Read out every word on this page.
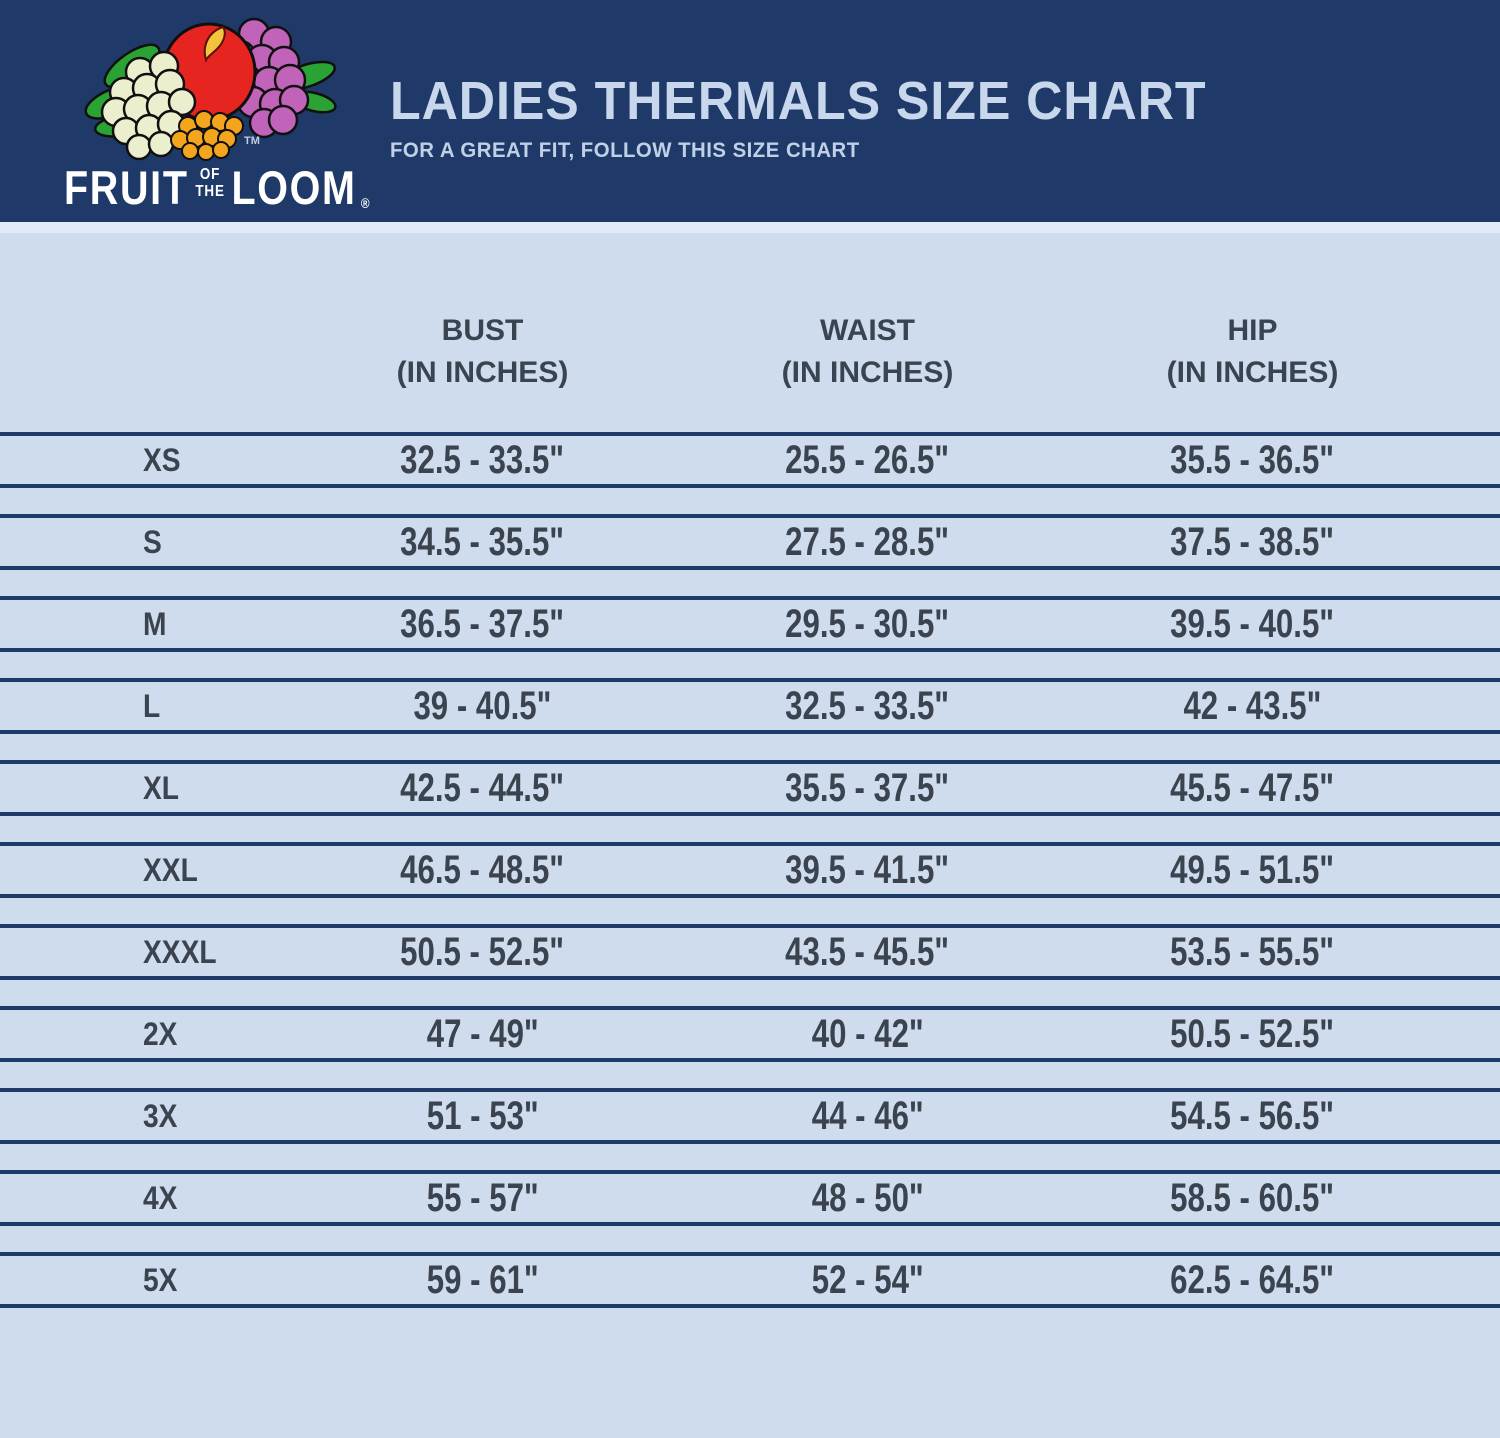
TM
FRUIT OF
THE LOOM ®
LADIES THERMALS SIZE CHART
FOR A GREAT FIT, FOLLOW THIS SIZE CHART
BUST
(IN INCHES)
WAIST
(IN INCHES)
HIP
(IN INCHES)
XS	32.5 - 33.5"	25.5 - 26.5"	35.5 - 36.5"
S	34.5 - 35.5"	27.5 - 28.5"	37.5 - 38.5"
M	36.5 - 37.5"	29.5 - 30.5"	39.5 - 40.5"
L	39 - 40.5"	32.5 - 33.5"	42 - 43.5"
XL	42.5 - 44.5"	35.5 - 37.5"	45.5 - 47.5"
XXL	46.5 - 48.5"	39.5 - 41.5"	49.5 - 51.5"
XXXL	50.5 - 52.5"	43.5 - 45.5"	53.5 - 55.5"
2X	47 - 49"	40 - 42"	50.5 - 52.5"
3X	51 - 53"	44 - 46"	54.5 - 56.5"
4X	55 - 57"	48 - 50"	58.5 - 60.5"
5X	59 - 61"	52 - 54"	62.5 - 64.5"
